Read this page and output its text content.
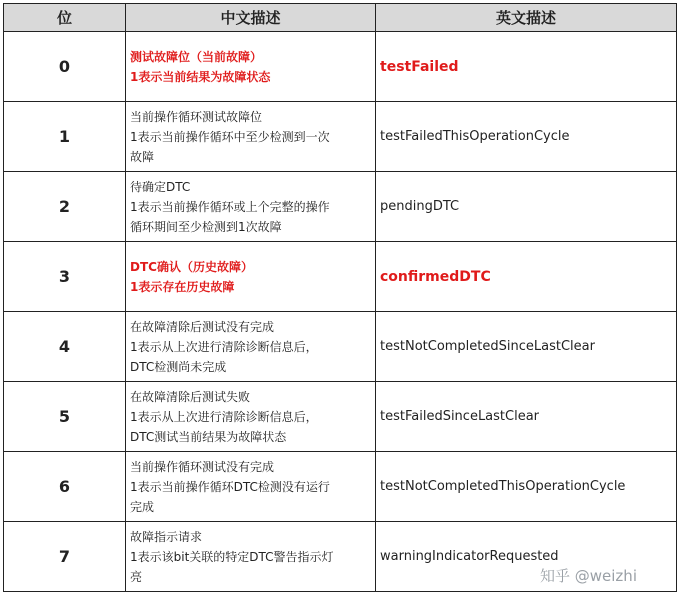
位	中文描述	英文描述
0	测试故障位（当前故障）
1表示当前结果为故障状态	testFailed
1	当前操作循环测试故障位
1表示当前操作循环中至少检测到一次
故障	testFailedThisOperationCycle
2	待确定DTC
1表示当前操作循环或上个完整的操作
循环期间至少检测到1次故障	pendingDTC
3	DTC确认（历史故障）
1表示存在历史故障	confirmedDTC
4	在故障清除后测试没有完成
1表示从上次进行清除诊断信息后，
DTC检测尚未完成	testNotCompletedSinceLastClear
5	在故障清除后测试失败
1表示从上次进行清除诊断信息后，
DTC测试当前结果为故障状态	testFailedSinceLastClear
6	当前操作循环测试没有完成
1表示当前操作循环DTC检测没有运行
完成	testNotCompletedThisOperationCycle
7	故障指示请求
1表示该bit关联的特定DTC警告指示灯
亮	warningIndicatorRequested
知乎 @weizhi
